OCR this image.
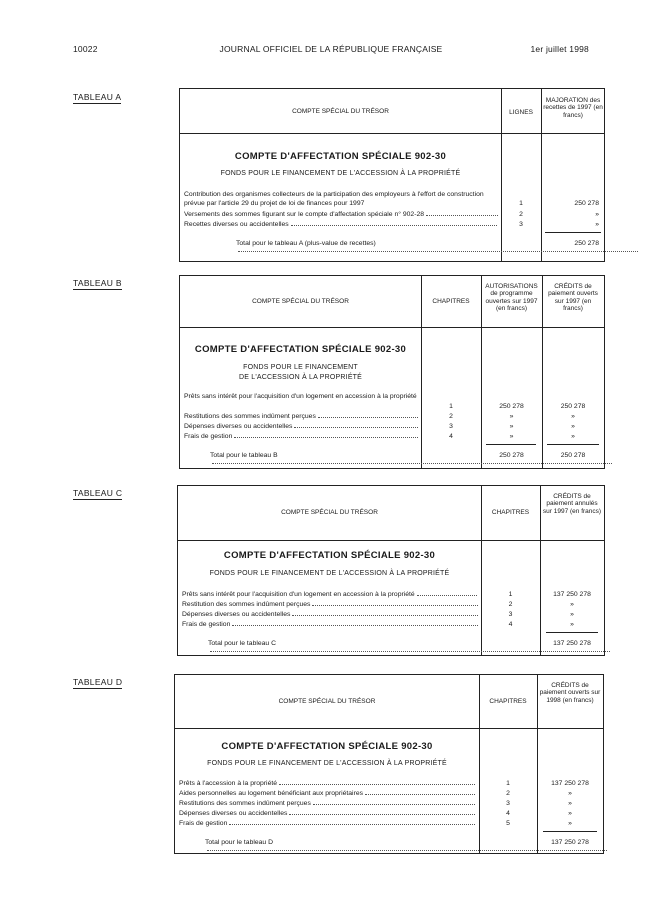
10022	JOURNAL OFFICIEL DE LA RÉPUBLIQUE FRANÇAISE	1er juillet 1998
TABLEAU A
COMPTE SPÉCIAL DU TRÉSOR	LIGNES
MAJORATION des recettes de 1997 (en francs)
COMPTE D'AFFECTATION SPÉCIALE 902-30
FONDS POUR LE FINANCEMENT DE L'ACCESSION À LA PROPRIÉTÉ
Contribution des organismes collecteurs de la participation des employeurs à l'effort de construction prévue par l'article 29 du projet de loi de finances pour 1997	1	250 278
Versements des sommes figurant sur le compte d'affectation spéciale n° 902-28	2	»
Recettes diverses ou accidentelles	3	»
Total pour le tableau A (plus-value de recettes)	250 278
TABLEAU B
COMPTE SPÉCIAL DU TRÉSOR	CHAPITRES
AUTORISATIONS de programme ouvertes sur 1997 (en francs)
CRÉDITS de paiement ouverts sur 1997 (en francs)
COMPTE D'AFFECTATION SPÉCIALE 902-30
FONDS POUR LE FINANCEMENT
DE L'ACCESSION À LA PROPRIÉTÉ
Prêts sans intérêt pour l'acquisition d'un logement en accession à la propriété
1	250 278	250 278
Restitutions des sommes indûment perçues	2	»	»
Dépenses diverses ou accidentelles	3	»	»
Frais de gestion	4	»	»
Total pour le tableau B	250 278	250 278
TABLEAU C
COMPTE SPÉCIAL DU TRÉSOR	CHAPITRES
CRÉDITS de paiement annulés sur 1997 (en francs)
COMPTE D'AFFECTATION SPÉCIALE 902-30
FONDS POUR LE FINANCEMENT DE L'ACCESSION À LA PROPRIÉTÉ
Prêts sans intérêt pour l'acquisition d'un logement en accession à la propriété	1	137 250 278
Restitution des sommes indûment perçues	2	»
Dépenses diverses ou accidentelles	3	»
Frais de gestion	4	»
Total pour le tableau C	137 250 278
TABLEAU D
COMPTE SPÉCIAL DU TRÉSOR	CHAPITRES
CRÉDITS de paiement ouverts sur 1998 (en francs)
COMPTE D'AFFECTATION SPÉCIALE 902-30
FONDS POUR LE FINANCEMENT DE L'ACCESSION À LA PROPRIÉTÉ
Prêts à l'accession à la propriété	1	137 250 278
Aides personnelles au logement bénéficiant aux propriétaires	2	»
Restitutions des sommes indûment perçues	3	»
Dépenses diverses ou accidentelles	4	»
Frais de gestion	5	»
Total pour le tableau D	137 250 278
